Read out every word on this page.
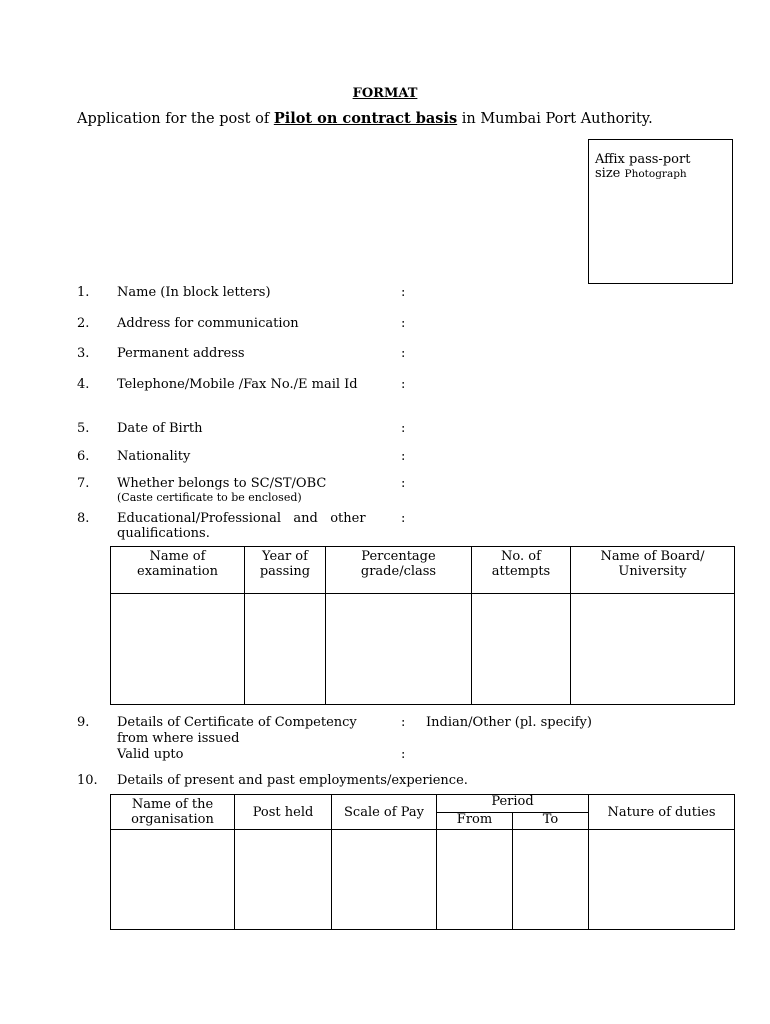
FORMAT
Application for the post of Pilot on contract basis in Mumbai Port Authority.
Affix pass-port
size Photograph
1. Name (In block letters)	:
2. Address for communication	:
3. Permanent address	:
4. Telephone/Mobile /Fax No./E mail Id	:
5. Date of Birth	:
6. Nationality	:
7. Whether belongs to SC/ST/OBC	:
(Caste certificate to be enclosed)
8. Educational/Professional   and   other
qualifications.
:
Name of examination	Year of passing	Percentage grade/class	No. of attempts	Name of Board/ University

9. Details of Certificate of Competency	: Indian/Other (pl. specify)
from where issued
Valid upto	:
10. Details of present and past employments/experience.
Name of the organisation	Post held	Scale of Pay	Period		Nature of duties
			From	To	
